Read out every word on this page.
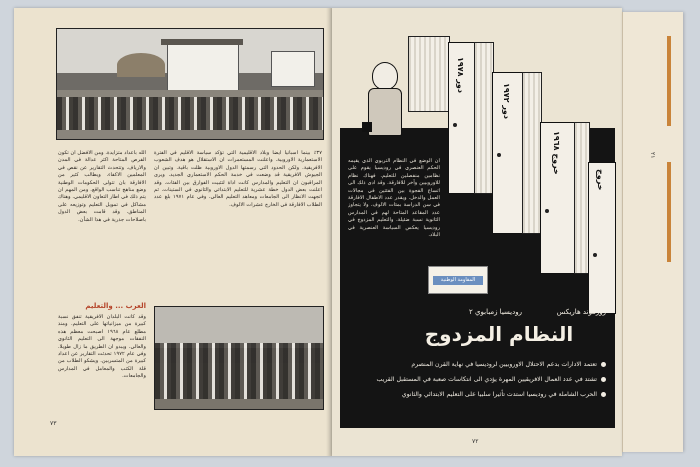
٣٧٪ بينما اسبانيا ايضا وبلاد الاقليمية التي تؤكد سياسة الاقليم في الفترة الاستعمارية الاوروبية. واعلنت المستعمرات ان الاستقلال هو هدف الشعوب الافريقية. ولكن الحدود التي رسمتها الدول الاوروبية ظلت باقية. وتبين ان الجيوش الافريقية قد وضعت في خدمة الحكم الاستعماري الجديد. ويرى المراقبون ان التعليم والمدارس كانت اداة لتثبيت الفوارق بين الفئات. وقد اعلنت بعض الدول خطة عشرية للتعليم الابتدائي والثانوي في الستينات. ثم اتجهت الانظار الى الجامعات ومعاهد التعليم العالي. وفي عام ١٩٧١ بلغ عدد الطلاب الافارقة في الخارج عشرات الالوف.
الله باعداد متزايدة. ومن الافضل ان تكون الفرص المتاحة اكثر عدالة في المدن والارياف. وتتحدث التقارير عن نقص في المعلمين الاكفاء. ويطالب كثير من الافارقة بان تتولى الحكومات الوطنية وضع مناهج تناسب الواقع. ومن المهم ان يتم ذلك في اطار التعاون الاقليمي. وهناك مشاكل في تمويل التعليم وتوزيعه على المناطق. وقد قامت بعض الدول باصلاحات جذرية في هذا الشأن.
العرب ... والتعليم
وقد كانت البلدان الافريقية تنفق نسبة كبيرة من ميزانياتها على التعليم. ومنذ مطلع عام ١٩٦٨ اصبحت معظم هذه النفقات موجهة الى التعليم الثانوي والعالي. ويبدو ان الطريق ما زال طويلا. وفي عام ١٩٧٢ تحدثت التقارير عن اعداد كبيرة من المتسربين. ويشكو الطلاب من قلة الكتب والمعامل في المدارس والجامعات.
٧٣
دور ١٩٧٨	دور ١٩٧٢
خروج ١٩٦٨
خروج
ان الوضع في النظام التربوي الذي يقيمه الحكم العنصري في روديسيا يقوم على نظامين منفصلين للتعليم. فهناك نظام للاوروبيين وآخر للافارقة. وقد ادى ذلك الى اتساع الفجوة بين الفئتين في مجالات العمل والدخل. ويقدر عدد الاطفال الافارقة في سن الدراسة بمئات الالوف. ولا يتجاوز عدد المقاعد المتاحة لهم في المدارس الثانوية نسبة ضئيلة. والتعليم المزدوج في روديسيا يعكس السياسة العنصرية في البلاد.
المقاومة الوطنية
روديسيا زمبابوي ٢	روزموند هاريكس
النظام المزدوج
تعتمد الادارات بدعم الاحتلال الاوروبيين لروديسيا في نهاية القرن المنصرم
تشتد في عدد العمال الافريقيين المهرة يؤدي الى انتكاسات صعبة في المستقبل القريب
الحرب الشاملة في روديسيا استدت تأثيرا سلبيا على التعليم الابتدائي والثانوي
٧٢
٢١
